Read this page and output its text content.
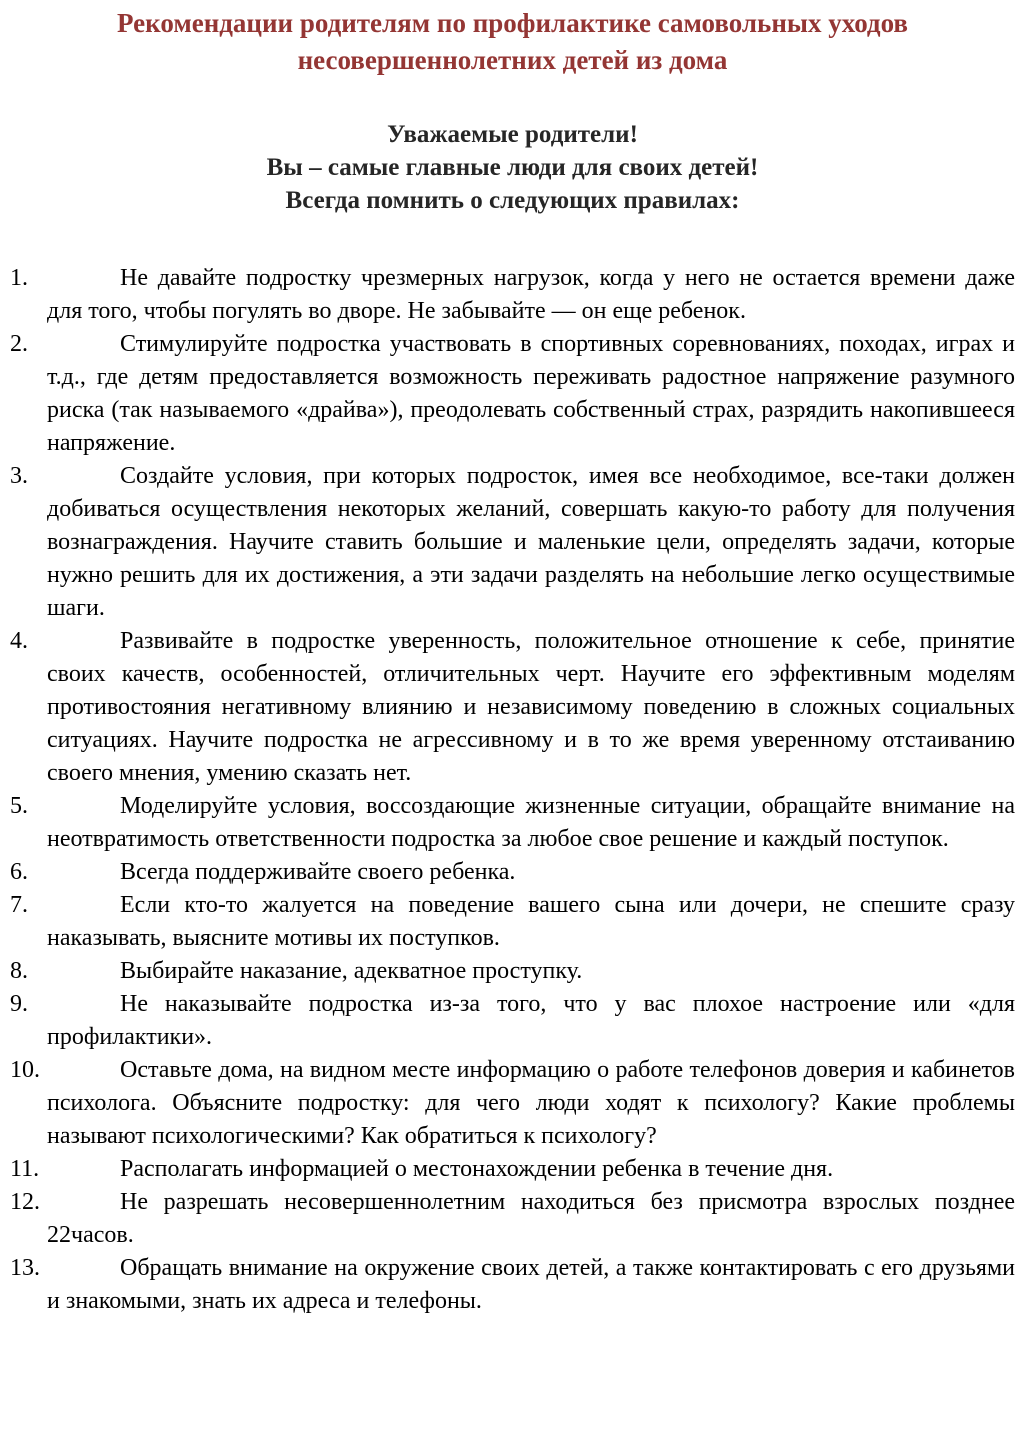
Рекомендации родителям по профилактике самовольных уходов
несовершеннолетних детей из дома
Уважаемые родители!
Вы – самые главные люди для своих детей!
Всегда помнить о следующих правилах:
1.	Не давайте подростку чрезмерных нагрузок, когда у него не остается времени даже для того, чтобы погулять во дворе. Не забывайте — он еще ребенок.
2.	Стимулируйте подростка участвовать в спортивных соревнованиях, походах, играх и т.д., где детям предоставляется возможность переживать радостное напряжение разумного риска (так называемого «драйва»), преодолевать собственный страх, разрядить накопившееся напряжение.
3.	Создайте условия, при которых подросток, имея все необходимое, все-таки должен добиваться осуществления некоторых желаний, совершать какую-то работу для получения вознаграждения. Научите ставить большие и маленькие цели, определять задачи, которые нужно решить для их достижения, а эти задачи разделять на небольшие легко осуществимые шаги.
4.	Развивайте в подростке уверенность, положительное отношение к себе, принятие своих качеств, особенностей, отличительных черт. Научите его эффективным моделям противостояния негативному влиянию и независимому поведению в сложных социальных ситуациях. Научите подростка не агрессивному и в то же время уверенному отстаиванию своего мнения, умению сказать нет.
5.	Моделируйте условия, воссоздающие жизненные ситуации, обращайте внимание на неотвратимость ответственности подростка за любое свое решение и каждый поступок.
6.	Всегда поддерживайте своего ребенка.
7.	Если кто-то жалуется на поведение вашего сына или дочери, не спешите сразу наказывать, выясните мотивы их поступков.
8.	Выбирайте наказание, адекватное проступку.
9.	Не наказывайте подростка из-за того, что у вас плохое настроение или «для профилактики».
10.	Оставьте дома, на видном месте информацию о работе телефонов доверия и кабинетов психолога. Объясните подростку: для чего люди ходят к психологу? Какие проблемы называют психологическими? Как обратиться к психологу?
11.	Располагать информацией о местонахождении ребенка в течение дня.
12.	Не разрешать несовершеннолетним находиться без присмотра взрослых позднее 22часов.
13.	Обращать внимание на окружение своих детей, а также контактировать с его друзьями и знакомыми, знать их адреса и телефоны.
